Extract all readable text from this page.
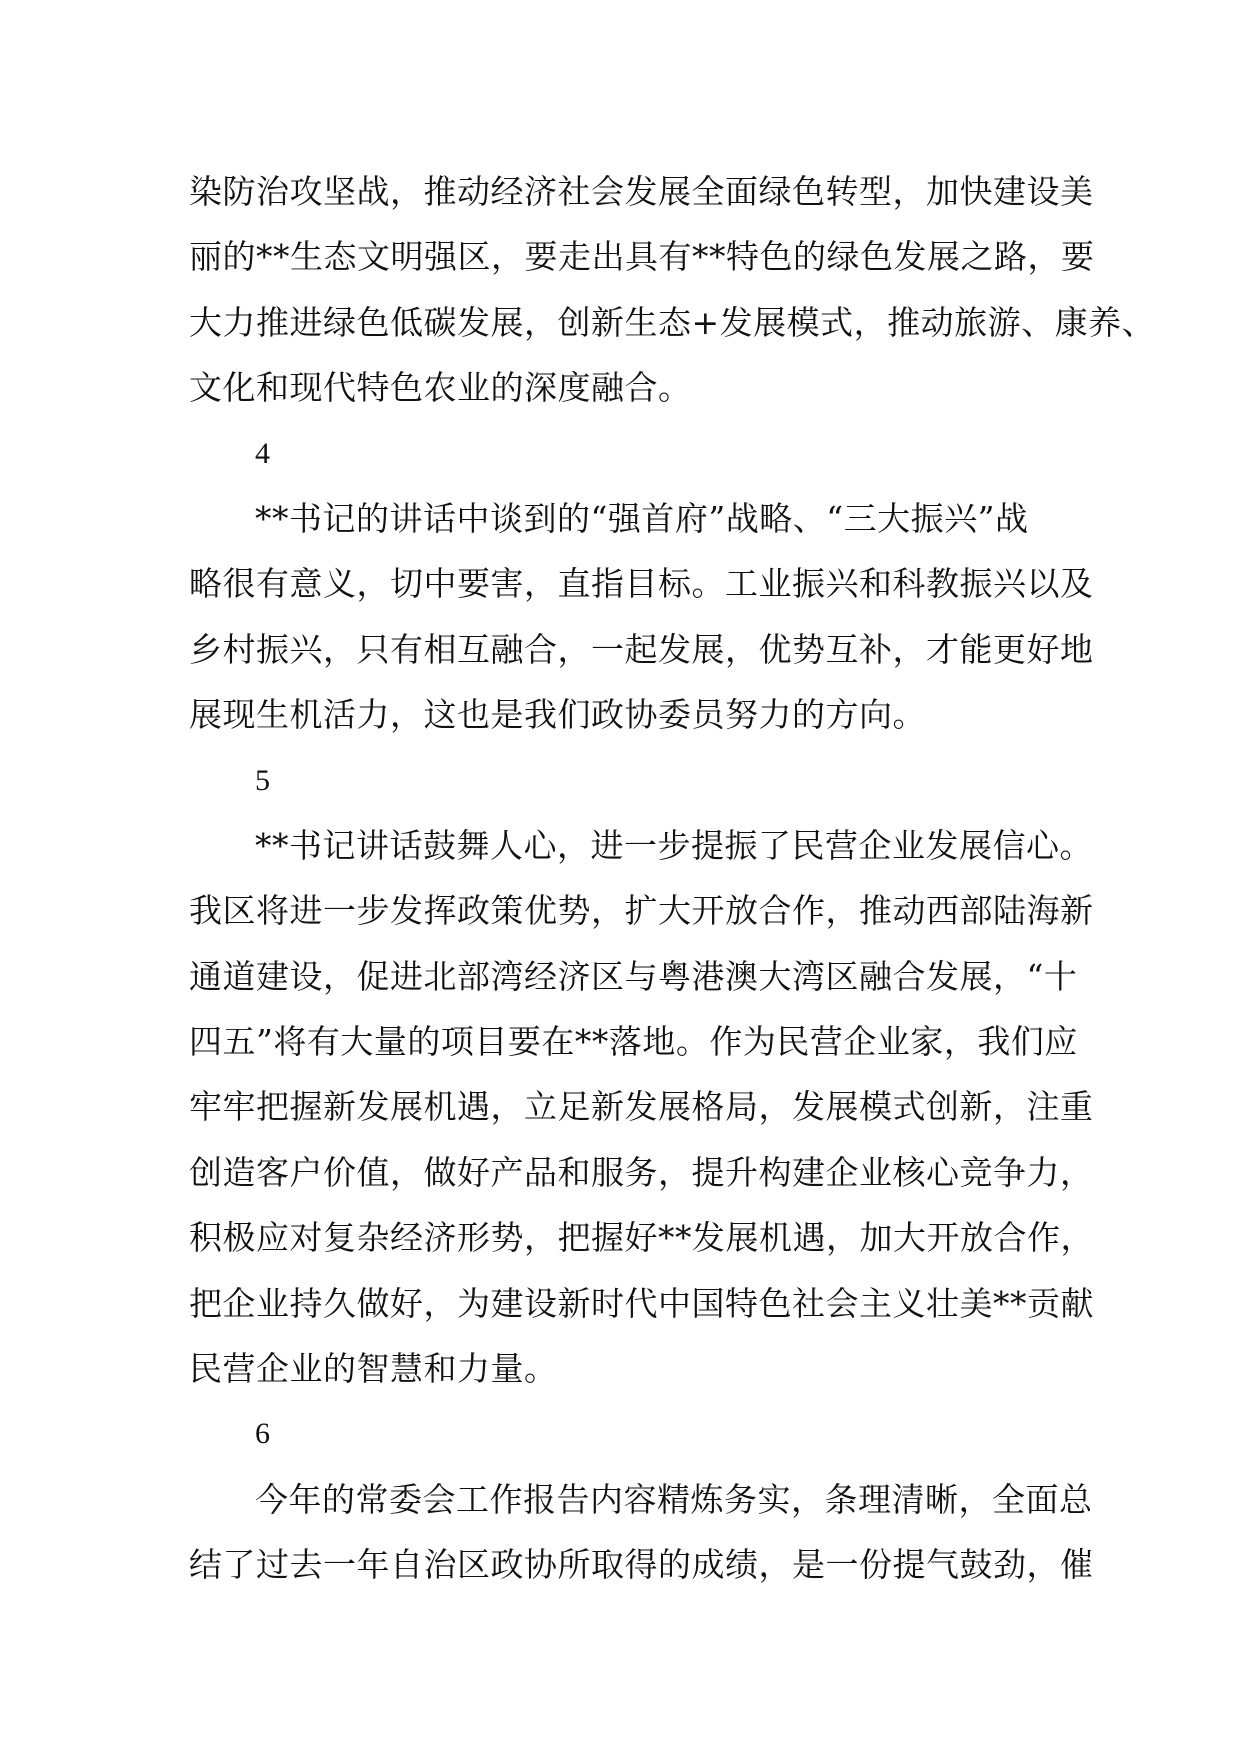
染防治攻坚战，推动经济社会发展全面绿色转型，加快建设美
丽的**生态文明强区，要走出具有**特色的绿色发展之路，要
大力推进绿色低碳发展，创新生态+发展模式，推动旅游、康养、
文化和现代特色农业的深度融合。
4
**书记的讲话中谈到的“强首府”战略、“三大振兴”战
略很有意义，切中要害，直指目标。工业振兴和科教振兴以及
乡村振兴，只有相互融合，一起发展，优势互补，才能更好地
展现生机活力，这也是我们政协委员努力的方向。
5
**书记讲话鼓舞人心，进一步提振了民营企业发展信心。
我区将进一步发挥政策优势，扩大开放合作，推动西部陆海新
通道建设，促进北部湾经济区与粤港澳大湾区融合发展，“十
四五”将有大量的项目要在**落地。作为民营企业家，我们应
牢牢把握新发展机遇，立足新发展格局，发展模式创新，注重
创造客户价值，做好产品和服务，提升构建企业核心竞争力，
积极应对复杂经济形势，把握好**发展机遇，加大开放合作，
把企业持久做好，为建设新时代中国特色社会主义壮美**贡献
民营企业的智慧和力量。
6
今年的常委会工作报告内容精炼务实，条理清晰，全面总
结了过去一年自治区政协所取得的成绩，是一份提气鼓劲，催
